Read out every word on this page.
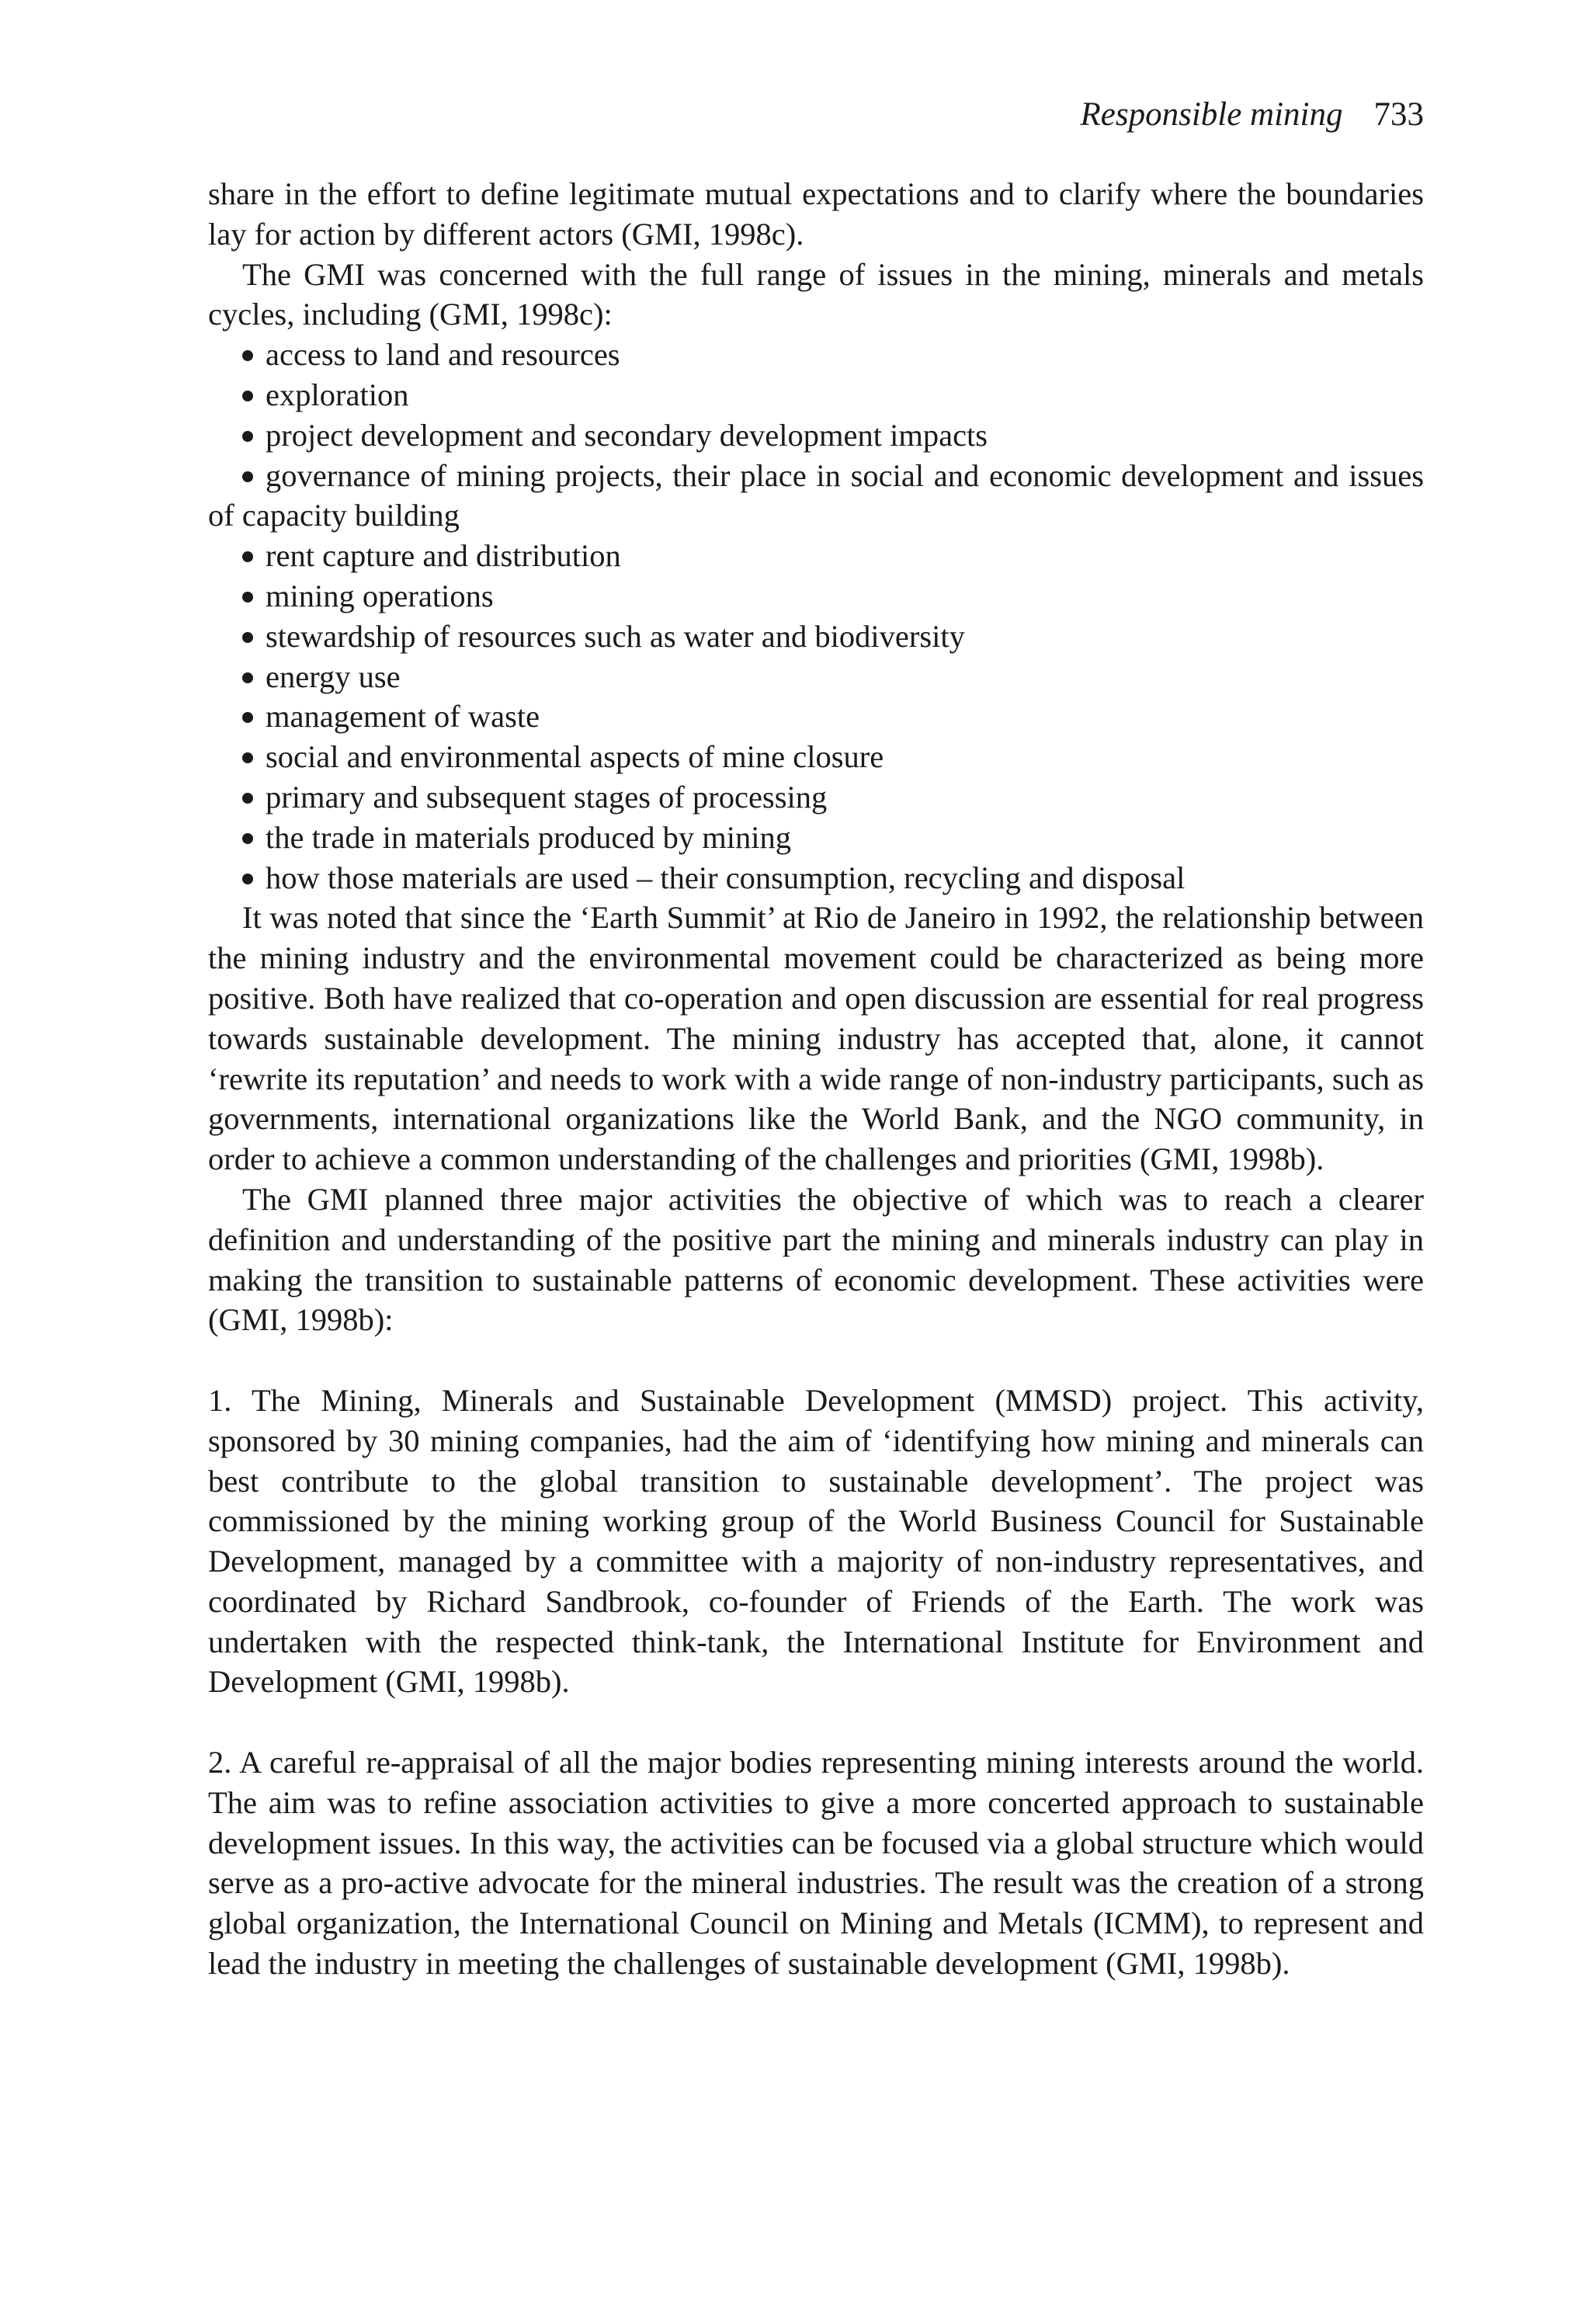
Responsible mining 733

share in the effort to define legitimate mutual expectations and to clarify where the boundaries lay for action by different actors (GMI, 1998c).

The GMI was concerned with the full range of issues in the mining, minerals and metals cycles, including (GMI, 1998c):

access to land and resources
exploration
project development and secondary development impacts
governance of mining projects, their place in social and economic development and issues of capacity building
rent capture and distribution
mining operations
stewardship of resources such as water and biodiversity
energy use
management of waste
social and environmental aspects of mine closure
primary and subsequent stages of processing
the trade in materials produced by mining
how those materials are used – their consumption, recycling and disposal

It was noted that since the ‘Earth Summit’ at Rio de Janeiro in 1992, the relationship between the mining industry and the environmental movement could be characterized as being more positive. Both have realized that co-operation and open discussion are essential for real progress towards sustainable development. The mining industry has accepted that, alone, it cannot ‘rewrite its reputation’ and needs to work with a wide range of non-industry participants, such as governments, international organizations like the World Bank, and the NGO community, in order to achieve a common understanding of the challenges and priorities (GMI, 1998b).

The GMI planned three major activities the objective of which was to reach a clearer definition and understanding of the positive part the mining and minerals industry can play in making the transition to sustainable patterns of economic development. These activities were (GMI, 1998b):

1. The Mining, Minerals and Sustainable Development (MMSD) project. This activity, sponsored by 30 mining companies, had the aim of ‘identifying how mining and minerals can best contribute to the global transition to sustainable development’. The project was commissioned by the mining working group of the World Business Council for Sustainable Development, managed by a committee with a majority of non-industry representatives, and coordinated by Richard Sandbrook, co-founder of Friends of the Earth. The work was undertaken with the respected think-tank, the International Institute for Environment and Development (GMI, 1998b).

2. A careful re-appraisal of all the major bodies representing mining interests around the world. The aim was to refine association activities to give a more concerted approach to sustainable development issues. In this way, the activities can be focused via a global structure which would serve as a pro-active advocate for the mineral industries. The result was the creation of a strong global organization, the International Council on Mining and Metals (ICMM), to represent and lead the industry in meeting the challenges of sustainable development (GMI, 1998b).
